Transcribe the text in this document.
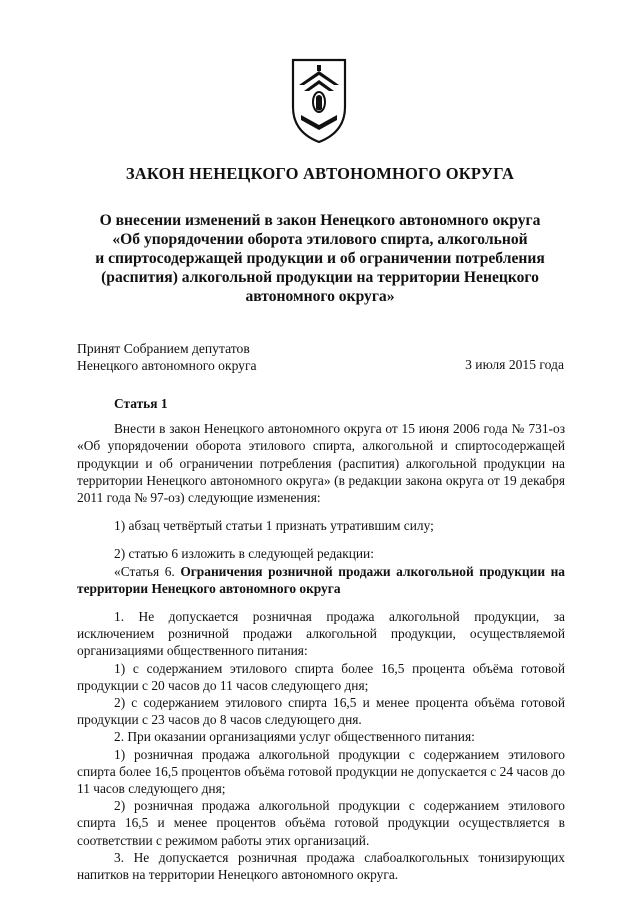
ЗАКОН НЕНЕЦКОГО АВТОНОМНОГО ОКРУГА
О внесении изменений в закон Ненецкого автономного округа
«Об упорядочении оборота этилового спирта, алкогольной
и спиртосодержащей продукции и об ограничении потребления
(распития) алкогольной продукции на территории Ненецкого
автономного округа»
Принят Собранием депутатов
Ненецкого автономного округа	3 июля 2015 года

Статья 1

Внести в закон Ненецкого автономного округа от 15 июня 2006 года № 731-оз «Об упорядочении оборота этилового спирта, алкогольной и спиртосодержащей продукции и об ограничении потребления (распития) алкогольной продукции на территории Ненецкого автономного округа» (в редакции закона округа от 19 декабря 2011 года № 97-оз) следующие изменения:

1) абзац четвёртый статьи 1 признать утратившим силу;

2) статью 6 изложить в следующей редакции:

«Статья 6. Ограничения розничной продажи алкогольной продукции на территории Ненецкого автономного округа

1. Не допускается розничная продажа алкогольной продукции, за исключением розничной продажи алкогольной продукции, осуществляемой организациями общественного питания:

1) с содержанием этилового спирта более 16,5 процента объёма готовой продукции с 20 часов до 11 часов следующего дня;

2) с содержанием этилового спирта 16,5 и менее процента объёма готовой продукции с 23 часов до 8 часов следующего дня.

2. При оказании организациями услуг общественного питания:

1) розничная продажа алкогольной продукции с содержанием этилового спирта более 16,5 процентов объёма готовой продукции не допускается с 24 часов до 11 часов следующего дня;

2) розничная продажа алкогольной продукции с содержанием этилового спирта 16,5 и менее процентов объёма готовой продукции осуществляется в соответствии с режимом работы этих организаций.

3. Не допускается розничная продажа слабоалкогольных тонизирующих напитков на территории Ненецкого автономного округа.
